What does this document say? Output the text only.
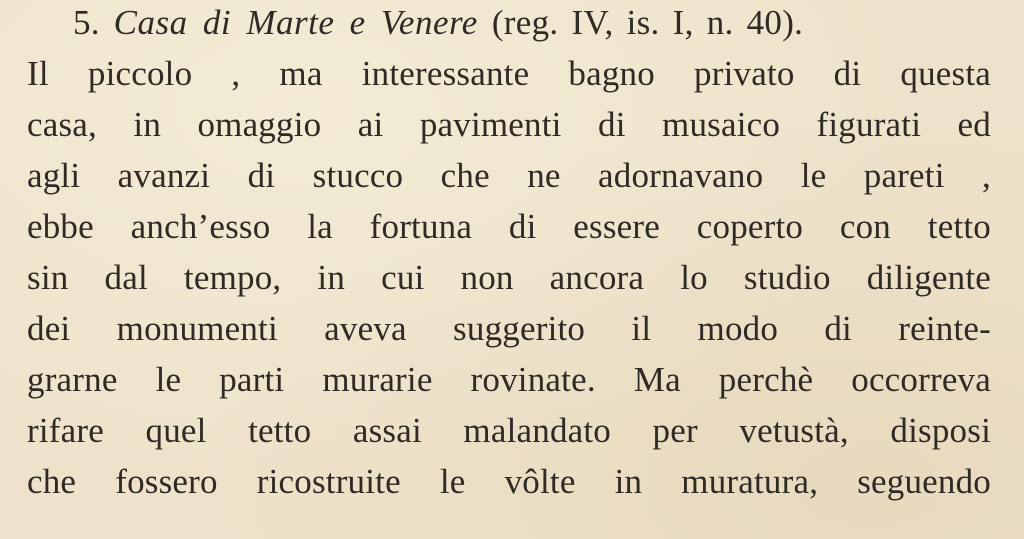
5. Casa di Marte e Venere (reg. IV, is. I, n. 40).
Il piccolo , ma interessante bagno privato di questa
casa, in omaggio ai pavimenti di musaico figurati ed
agli avanzi di stucco che ne adornavano le pareti ,
ebbe anch’esso la fortuna di essere coperto con tetto
sin dal tempo, in cui non ancora lo studio diligente
dei monumenti aveva suggerito il modo di reinte-
grarne le parti murarie rovinate. Ma perchè occorreva
rifare quel tetto assai malandato per vetustà, disposi
che fossero ricostruite le vôlte in muratura, seguendo
